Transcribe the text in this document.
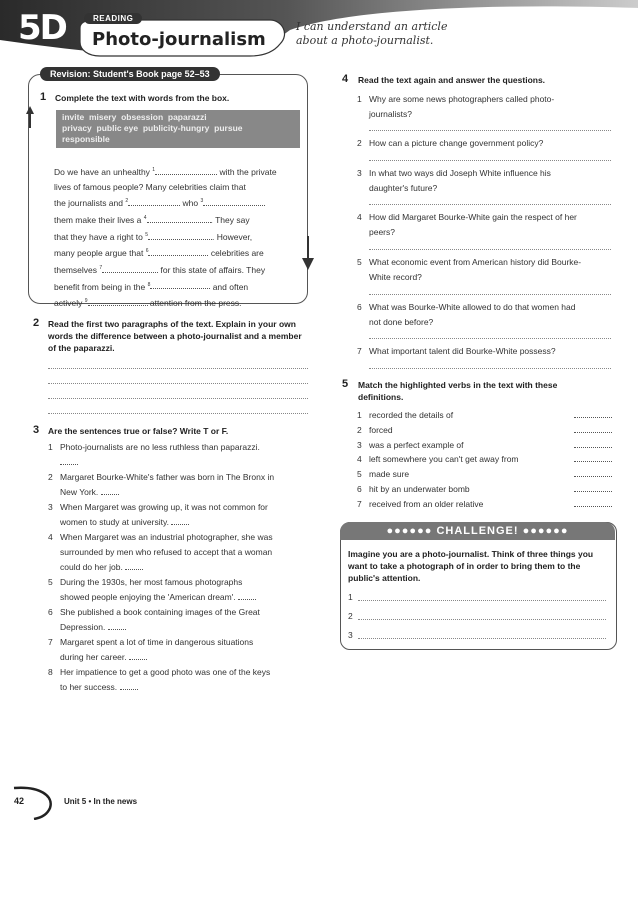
5D	READING
Photo-journalism
I can understand an article about a photo-journalist.
Revision: Student's Book page 52–53
1 Complete the text with words from the box.
invite misery obsession paparazzi
privacy public eye publicity-hungry pursue
responsible
Do we have an unhealthy $^1$	with the private
lives of famous people? Many celebrities claim that
the journalists and $^2$	who $^3$
them make their lives a $^4$	. They say
that they have a right to $^5$	. However,
many people argue that $^6$	celebrities are
themselves $^7$	for this state of affairs. They
benefit from being in the $^8$	and often
actively $^9$	attention from the press.
2 Read the first two paragraphs of the text. Explain in your own words the difference between a photo-journalist and a member of the paparazzi.
3 Are the sentences true or false? Write T or F.
1 Photo-journalists are no less ruthless than paparazzi.
2 Margaret Bourke-White's father was born in The Bronx in
New York.
3 When Margaret was growing up, it was not common for
women to study at university.
4 When Margaret was an industrial photographer, she was
surrounded by men who refused to accept that a woman
could do her job.
5 During the 1930s, her most famous photographs
showed people enjoying the 'American dream'.
6 She published a book containing images of the Great
Depression.
7 Margaret spent a lot of time in dangerous situations
during her career.
8 Her impatience to get a good photo was one of the keys
to her success.
4 Read the text again and answer the questions.
1 Why are some news photographers called photo-
journalists?
2 How can a picture change government policy?
3 In what two ways did Joseph White influence his
daughter's future?
4 How did Margaret Bourke-White gain the respect of her
peers?
5 What economic event from American history did Bourke-
White record?
6 What was Bourke-White allowed to do that women had
not done before?
7 What important talent did Bourke-White possess?
5 Match the highlighted verbs in the text with these definitions.
1 recorded the details of
2 forced
3 was a perfect example of
4 left somewhere you can't get away from
5 made sure
6 hit by an underwater bomb
7 received from an older relative
●●●●●● CHALLENGE! ●●●●●●
Imagine you are a photo-journalist. Think of three things you want to take a photograph of in order to bring them to the public's attention.
1
2
3
42	Unit 5 • In the news
